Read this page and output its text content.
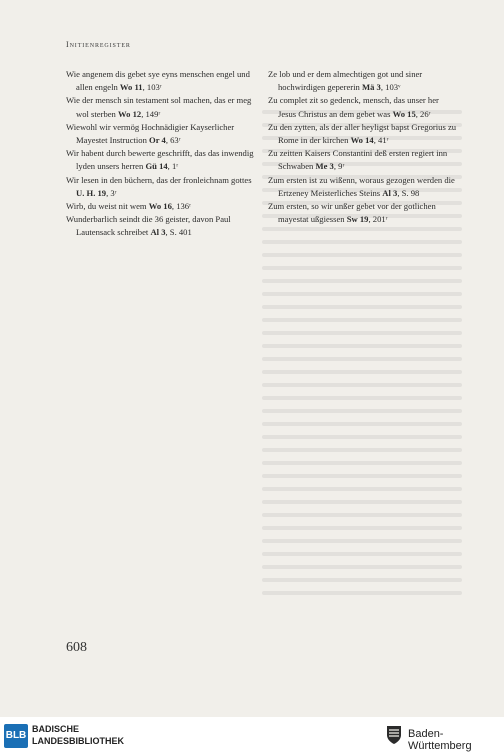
Initienregister

Wie angenem dis gebet sye eyns menschen engel und allen engeln Wo 11, 103ʳ

Wie der mensch sin testament sol machen, das er meg wol sterben Wo 12, 149ʳ

Wiewohl wir vermög Hochnädigier Kayserlicher Mayestet Instruction Or 4, 63ʳ

Wir habent durch bewerte geschrifft, das das inwendig lyden unsers herren Gü 14, 1ʳ

Wir lesen in den büchern, das der fronleichnam gottes U. H. 19, 3ʳ

Wirb, du weist nit wem Wo 16, 136ʳ

Wunderbarlich seindt die 36 geister, davon Paul Lautensack schreibet Al 3, S. 401

Ze lob und er dem almechtigen got und siner hochwirdigen gepererin Mä 3, 103ᵛ

Zu complet zit so gedenck, mensch, das unser her Jesus Christus an dem gebet was Wo 15, 26ʳ

Zu den zytten, als der aller heyligst bapst Gregorius zu Rome in der kirchen Wo 14, 41ʳ

Zu zeitten Kaisers Constantini deß ersten regiert inn Schwaben Me 3, 9ʳ

Zum ersten ist zu wißenn, woraus gezogen werden die Ertzeney Meisterliches Steins Al 3, S. 98

Zum ersten, so wir unßer gebet vor der gotlichen mayestat ußgiessen Sw 19, 201ʳ

608
BLB
BADISCHE
LANDESBIBLIOTHEK
Baden-Württemberg
